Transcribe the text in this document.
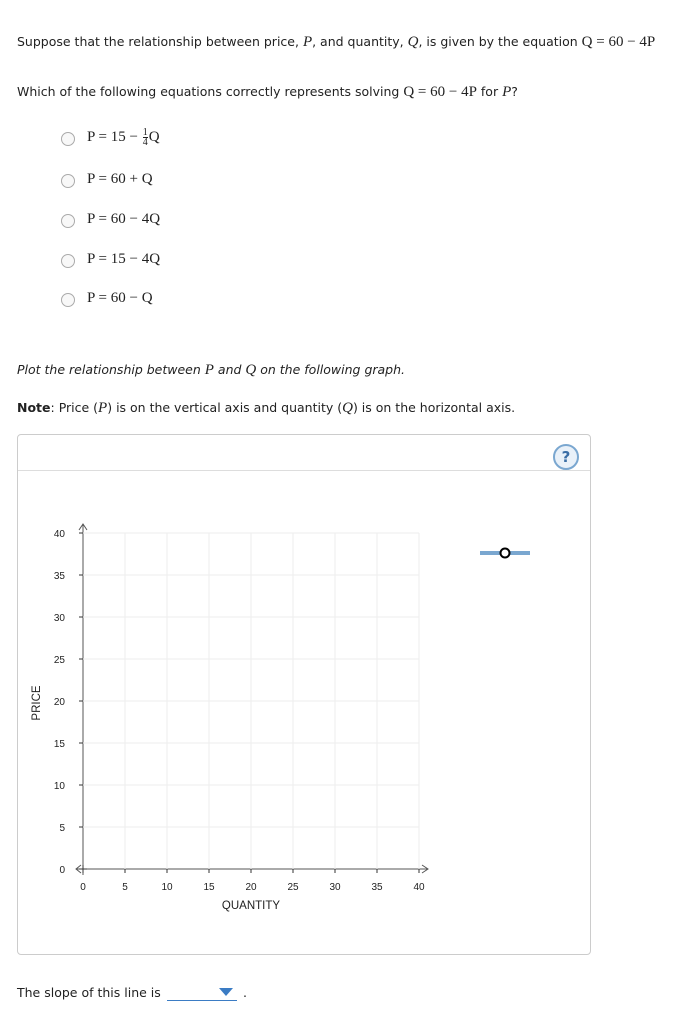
Suppose that the relationship between price, P, and quantity, Q, is given by the equation Q = 60 − 4P
Which of the following equations correctly represents solving Q = 60 − 4P for P?
$P = 15 - \frac{1}{4}$ Q
P = 60 + Q
P = 60 − 4Q
P = 15 − 4Q
P = 60 − Q
Plot the relationship between P and Q on the following graph.
Note: Price (P) is on the vertical axis and quantity (Q) is on the horizontal axis.
?
40
35
30
25
20
15
10
5
0
40
35
30
25
20
15
10
5
0
QUANTITY
PRICE
The slope of this line is	.
